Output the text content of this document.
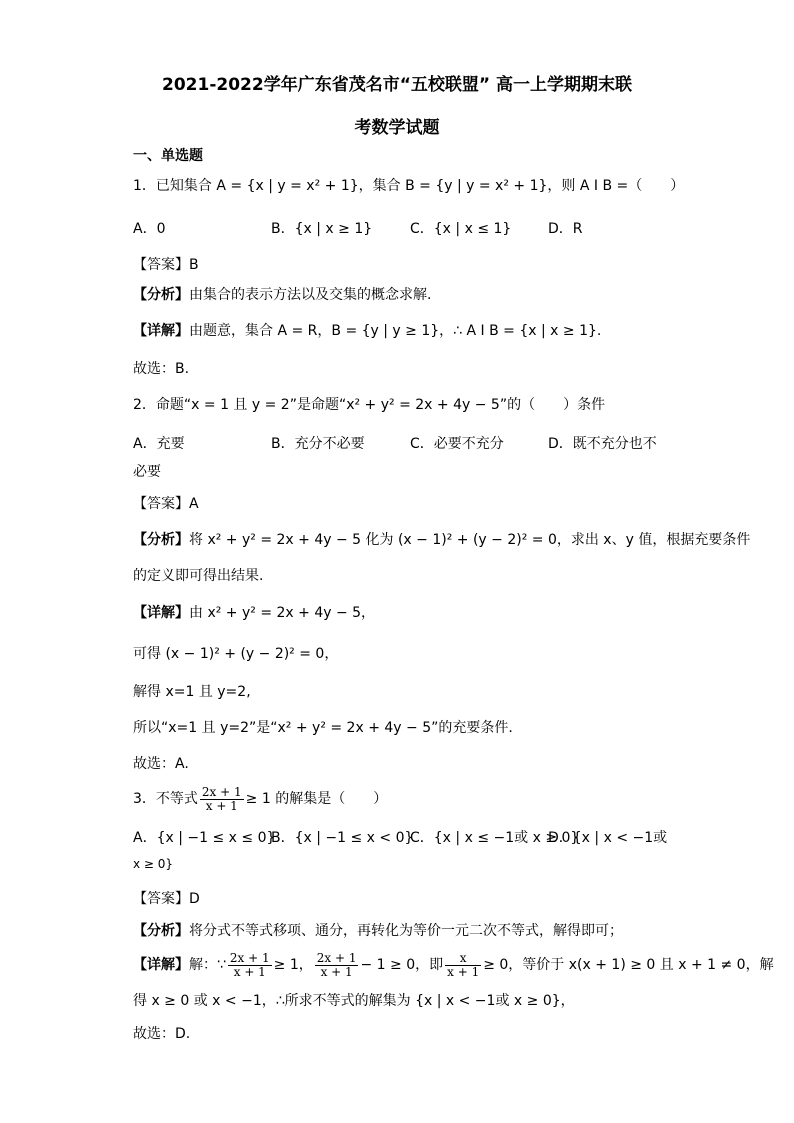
2021-2022学年广东省茂名市“五校联盟” 高一上学期期末联
考数学试题
一、单选题
1．已知集合 A = {x | y = x² + 1}，集合 B = {y | y = x² + 1}，则 A I B =（　　）
A．0	B．{x | x ≥ 1}	C．{x | x ≤ 1}	D．R
【答案】B
【分析】由集合的表示方法以及交集的概念求解.
【详解】由题意，集合 A = R，B = {y | y ≥ 1}，∴ A I B = {x | x ≥ 1}.
故选：B.
2．命题“x = 1 且 y = 2”是命题“x² + y² = 2x + 4y − 5”的（　　）条件
A．充要	B．充分不必要	C．必要不充分	D．既不充分也不
必要
【答案】A
【分析】将 x² + y² = 2x + 4y − 5 化为 (x − 1)² + (y − 2)² = 0，求出 x、y 值，根据充要条件
的定义即可得出结果.
【详解】由 x² + y² = 2x + 4y − 5，
可得 (x − 1)² + (y − 2)² = 0，
解得 x=1 且 y=2,
所以“x=1 且 y=2”是“x² + y² = 2x + 4y − 5”的充要条件.
故选：A.
3．不等式 $\frac{2x + 1}{x + 1} \ge 1$ 的解集是（　　）
A．{x | −1 ≤ x ≤ 0}
B．{x | −1 ≤ x < 0}
C．{x | x ≤ −1或 x ≥ 0}
D．{x | x < −1或
x ≥ 0}
【答案】D
【分析】将分式不等式移项、通分，再转化为等价一元二次不等式，解得即可；
【详解】解：∵ $\frac{2x + 1}{x + 1} \ge 1$， $\frac{2x + 1}{x + 1} - 1 \ge 0$，即 $\frac{x}{x + 1} \ge 0$，等价于 x(x + 1) ≥ 0 且 x + 1 ≠ 0，解
得 x ≥ 0 或 x < −1，∴所求不等式的解集为 {x | x < −1或 x ≥ 0}，
故选：D.
